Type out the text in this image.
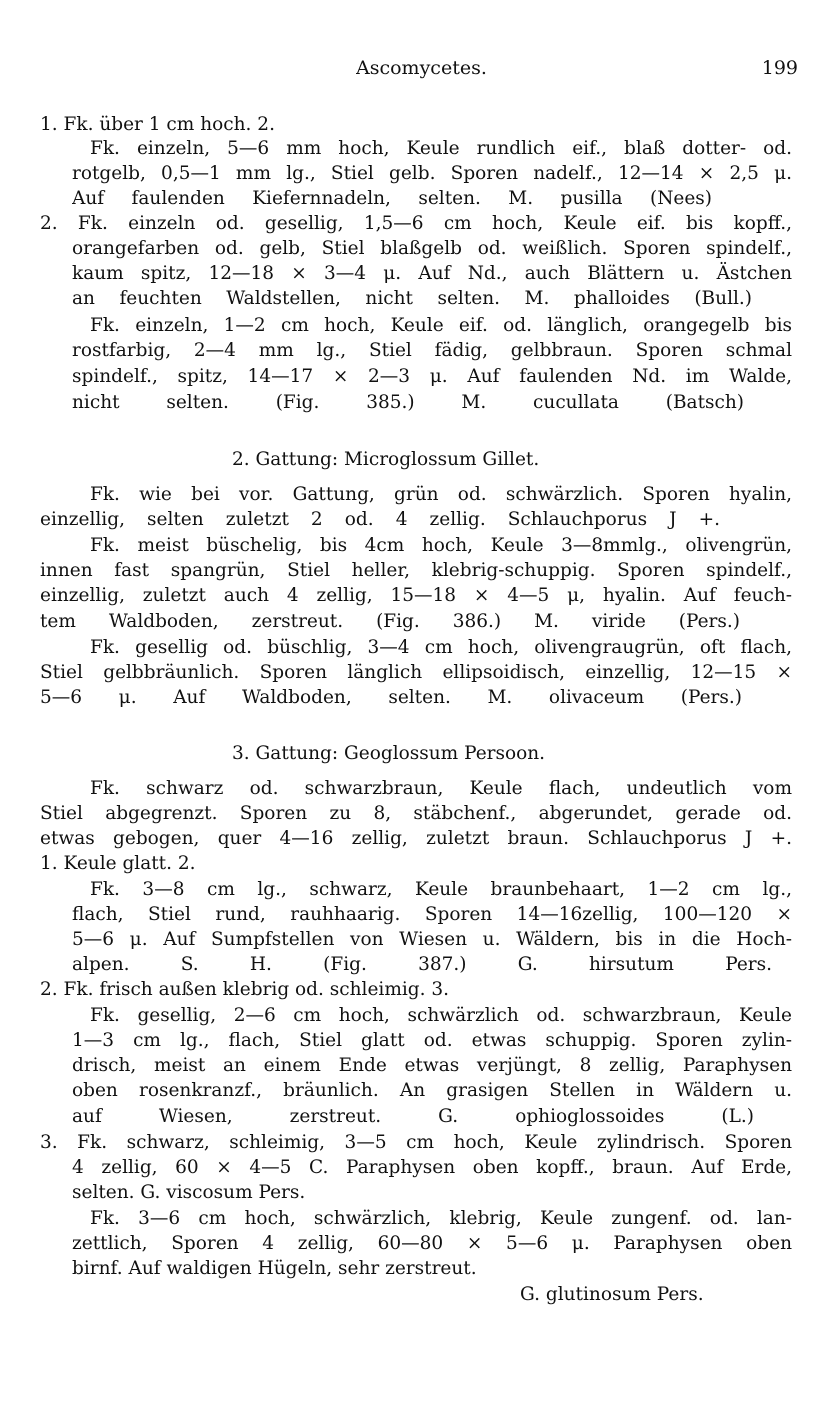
Ascomycetes.	199
1. Fk. über 1 cm hoch. 2.
Fk. einzeln, 5—6 mm hoch, Keule rundlich eif., blaß dotter- od.
rotgelb, 0,5—1 mm lg., Stiel gelb. Sporen nadelf., 12—14 × 2,5 μ.
Auf faulenden Kiefernnadeln, selten. M. pusilla (Nees)
2. Fk. einzeln od. gesellig, 1,5—6 cm hoch, Keule eif. bis kopff.,
orangefarben od. gelb, Stiel blaßgelb od. weißlich. Sporen spindelf.,
kaum spitz, 12—18 × 3—4 μ. Auf Nd., auch Blättern u. Ästchen
an feuchten Waldstellen, nicht selten. M. phalloides (Bull.)
Fk. einzeln, 1—2 cm hoch, Keule eif. od. länglich, orangegelb bis
rostfarbig, 2—4 mm lg., Stiel fädig, gelbbraun. Sporen schmal
spindelf., spitz, 14—17 × 2—3 μ. Auf faulenden Nd. im Walde,
nicht selten. (Fig. 385.) M. cucullata (Batsch)
2. Gattung: Microglossum Gillet.
Fk. wie bei vor. Gattung, grün od. schwärzlich. Sporen hyalin,
einzellig, selten zuletzt 2 od. 4 zellig. Schlauchporus J +.
Fk. meist büschelig, bis 4cm hoch, Keule 3—8mmlg., olivengrün,
innen fast spangrün, Stiel heller, klebrig-schuppig. Sporen spindelf.,
einzellig, zuletzt auch 4 zellig, 15—18 × 4—5 μ, hyalin. Auf feuch-
tem Waldboden, zerstreut. (Fig. 386.) M. viride (Pers.)
Fk. gesellig od. büschlig, 3—4 cm hoch, olivengraugrün, oft flach,
Stiel gelbbräunlich. Sporen länglich ellipsoidisch, einzellig, 12—15 ×
5—6 μ. Auf Waldboden, selten. M. olivaceum (Pers.)
3. Gattung: Geoglossum Persoon.
Fk. schwarz od. schwarzbraun, Keule flach, undeutlich vom
Stiel abgegrenzt. Sporen zu 8, stäbchenf., abgerundet, gerade od.
etwas gebogen, quer 4—16 zellig, zuletzt braun. Schlauchporus J +.
1. Keule glatt. 2.
Fk. 3—8 cm lg., schwarz, Keule braunbehaart, 1—2 cm lg.,
flach, Stiel rund, rauhhaarig. Sporen 14—16zellig, 100—120 ×
5—6 μ. Auf Sumpfstellen von Wiesen u. Wäldern, bis in die Hoch-
alpen. S. H. (Fig. 387.) G. hirsutum Pers.
2. Fk. frisch außen klebrig od. schleimig. 3.
Fk. gesellig, 2—6 cm hoch, schwärzlich od. schwarzbraun, Keule
1—3 cm lg., flach, Stiel glatt od. etwas schuppig. Sporen zylin-
drisch, meist an einem Ende etwas verjüngt, 8 zellig, Paraphysen
oben rosenkranzf., bräunlich. An grasigen Stellen in Wäldern u.
auf Wiesen, zerstreut. G. ophioglossoides (L.)
3. Fk. schwarz, schleimig, 3—5 cm hoch, Keule zylindrisch. Sporen
4 zellig, 60 × 4—5 C. Paraphysen oben kopff., braun. Auf Erde,
selten. G. viscosum Pers.
Fk. 3—6 cm hoch, schwärzlich, klebrig, Keule zungenf. od. lan-
zettlich, Sporen 4 zellig, 60—80 × 5—6 μ. Paraphysen oben
birnf. Auf waldigen Hügeln, sehr zerstreut.
G. glutinosum Pers.
